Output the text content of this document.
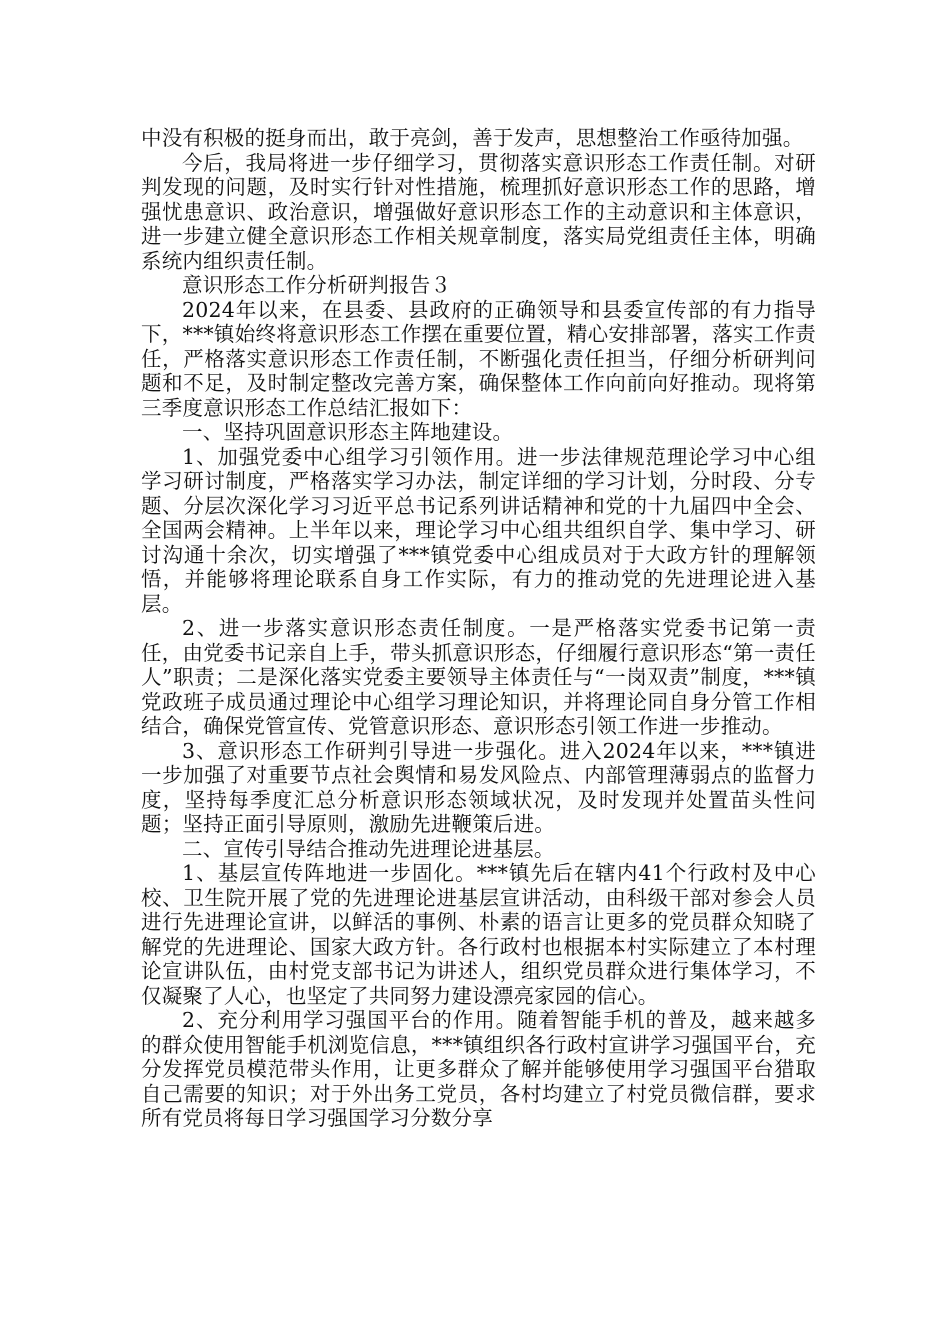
中没有积极的挺身而出，敢于亮剑，善于发声，思想整治工作亟待加强。

今后，我局将进一步仔细学习，贯彻落实意识形态工作责任制。对研判发现的问题，及时实行针对性措施，梳理抓好意识形态工作的思路，增强忧患意识、政治意识，增强做好意识形态工作的主动意识和主体意识，进一步建立健全意识形态工作相关规章制度，落实局党组责任主体，明确系统内组织责任制。

意识形态工作分析研判报告３

2024年以来，在县委、县政府的正确领导和县委宣传部的有力指导下，***镇始终将意识形态工作摆在重要位置，精心安排部署，落实工作责任，严格落实意识形态工作责任制，不断强化责任担当，仔细分析研判问题和不足，及时制定整改完善方案，确保整体工作向前向好推动。现将第三季度意识形态工作总结汇报如下：

一、坚持巩固意识形态主阵地建设。

1、加强党委中心组学习引领作用。进一步法律规范理论学习中心组学习研讨制度，严格落实学习办法，制定详细的学习计划，分时段、分专题、分层次深化学习习近平总书记系列讲话精神和党的十九届四中全会、全国两会精神。上半年以来，理论学习中心组共组织自学、集中学习、研讨沟通十余次，切实增强了***镇党委中心组成员对于大政方针的理解领悟，并能够将理论联系自身工作实际，有力的推动党的先进理论进入基层。

2、进一步落实意识形态责任制度。一是严格落实党委书记第一责任，由党委书记亲自上手，带头抓意识形态，仔细履行意识形态“第一责任人”职责；二是深化落实党委主要领导主体责任与“一岗双责”制度，***镇党政班子成员通过理论中心组学习理论知识，并将理论同自身分管工作相结合，确保党管宣传、党管意识形态、意识形态引领工作进一步推动。

3、意识形态工作研判引导进一步强化。进入2024年以来，***镇进一步加强了对重要节点社会舆情和易发风险点、内部管理薄弱点的监督力度，坚持每季度汇总分析意识形态领域状况，及时发现并处置苗头性问题；坚持正面引导原则，激励先进鞭策后进。

二、宣传引导结合推动先进理论进基层。

1、基层宣传阵地进一步固化。***镇先后在辖内41个行政村及中心校、卫生院开展了党的先进理论进基层宣讲活动，由科级干部对参会人员进行先进理论宣讲，以鲜活的事例、朴素的语言让更多的党员群众知晓了解党的先进理论、国家大政方针。各行政村也根据本村实际建立了本村理论宣讲队伍，由村党支部书记为讲述人，组织党员群众进行集体学习，不仅凝聚了人心，也坚定了共同努力建设漂亮家园的信心。

2、充分利用学习强国平台的作用。随着智能手机的普及，越来越多的群众使用智能手机浏览信息，***镇组织各行政村宣讲学习强国平台，充分发挥党员模范带头作用，让更多群众了解并能够使用学习强国平台猎取自己需要的知识；对于外出务工党员，各村均建立了村党员微信群，要求所有党员将每日学习强国学习分数分享
